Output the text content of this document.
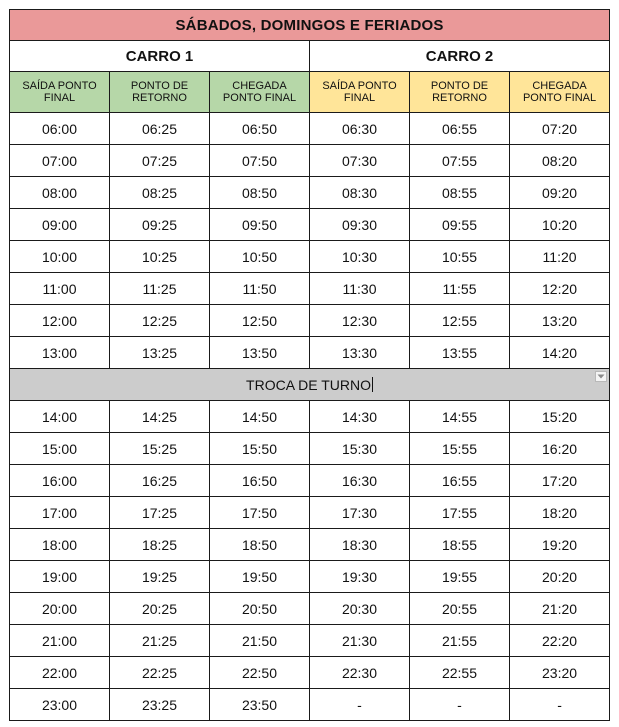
SÁBADOS, DOMINGOS E FERIADOS					
CARRO 1			CARRO 2		
SAÍDA PONTO FINAL	PONTO DE RETORNO	CHEGADA PONTO FINAL	SAÍDA PONTO FINAL	PONTO DE RETORNO	CHEGADA PONTO FINAL
06:00	06:25	06:50	06:30	06:55	07:20
07:00	07:25	07:50	07:30	07:55	08:20
08:00	08:25	08:50	08:30	08:55	09:20
09:00	09:25	09:50	09:30	09:55	10:20
10:00	10:25	10:50	10:30	10:55	11:20
11:00	11:25	11:50	11:30	11:55	12:20
12:00	12:25	12:50	12:30	12:55	13:20
13:00	13:25	13:50	13:30	13:55	14:20
TROCA DE TURNO					

14:00	14:25	14:50	14:30	14:55	15:20
15:00	15:25	15:50	15:30	15:55	16:20
16:00	16:25	16:50	16:30	16:55	17:20
17:00	17:25	17:50	17:30	17:55	18:20
18:00	18:25	18:50	18:30	18:55	19:20
19:00	19:25	19:50	19:30	19:55	20:20
20:00	20:25	20:50	20:30	20:55	21:20
21:00	21:25	21:50	21:30	21:55	22:20
22:00	22:25	22:50	22:30	22:55	23:20
23:00	23:25	23:50	-	-	-
